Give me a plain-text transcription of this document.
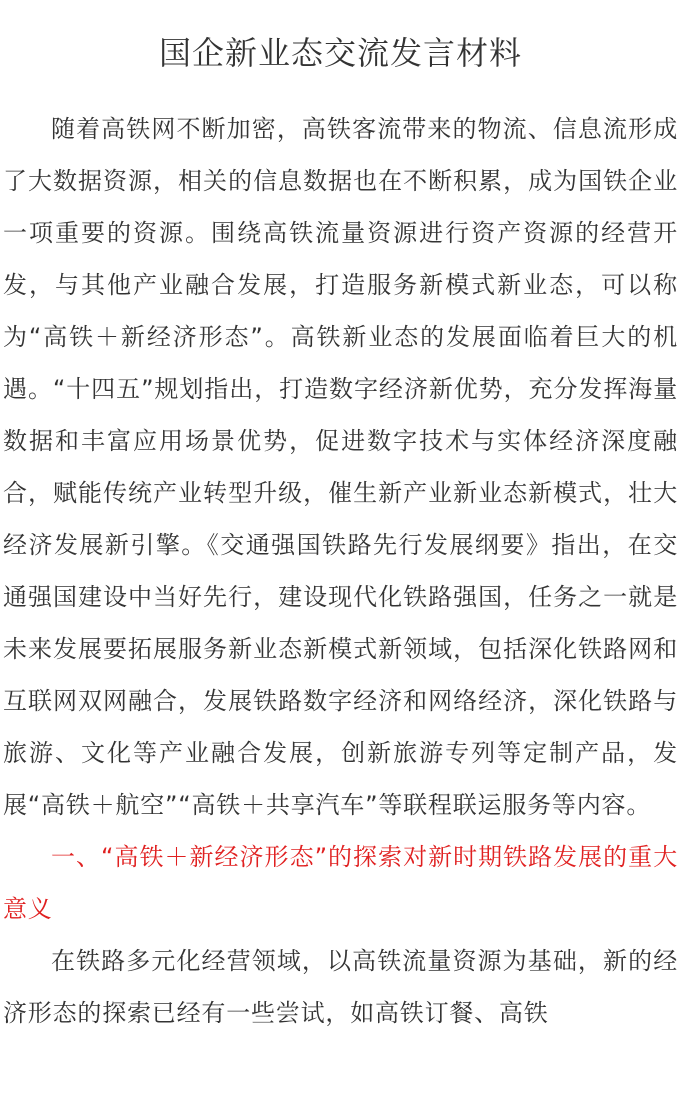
国企新业态交流发言材料

随着高铁网不断加密，高铁客流带来的物流、信息流形成了大数据资源，相关的信息数据也在不断积累，成为国铁企业一项重要的资源。围绕高铁流量资源进行资产资源的经营开发，与其他产业融合发展，打造服务新模式新业态，可以称为“高铁＋新经济形态”。高铁新业态的发展面临着巨大的机遇。“十四五”规划指出，打造数字经济新优势，充分发挥海量数据和丰富应用场景优势，促进数字技术与实体经济深度融合，赋能传统产业转型升级，催生新产业新业态新模式，壮大经济发展新引擎。《交通强国铁路先行发展纲要》指出，在交通强国建设中当好先行，建设现代化铁路强国，任务之一就是未来发展要拓展服务新业态新模式新领域，包括深化铁路网和互联网双网融合，发展铁路数字经济和网络经济，深化铁路与旅游、文化等产业融合发展，创新旅游专列等定制产品，发展“高铁＋航空”“高铁＋共享汽车”等联程联运服务等内容。

一、“高铁＋新经济形态”的探索对新时期铁路发展的重大意义

在铁路多元化经营领域，以高铁流量资源为基础，新的经济形态的探索已经有一些尝试，如高铁订餐、高铁
